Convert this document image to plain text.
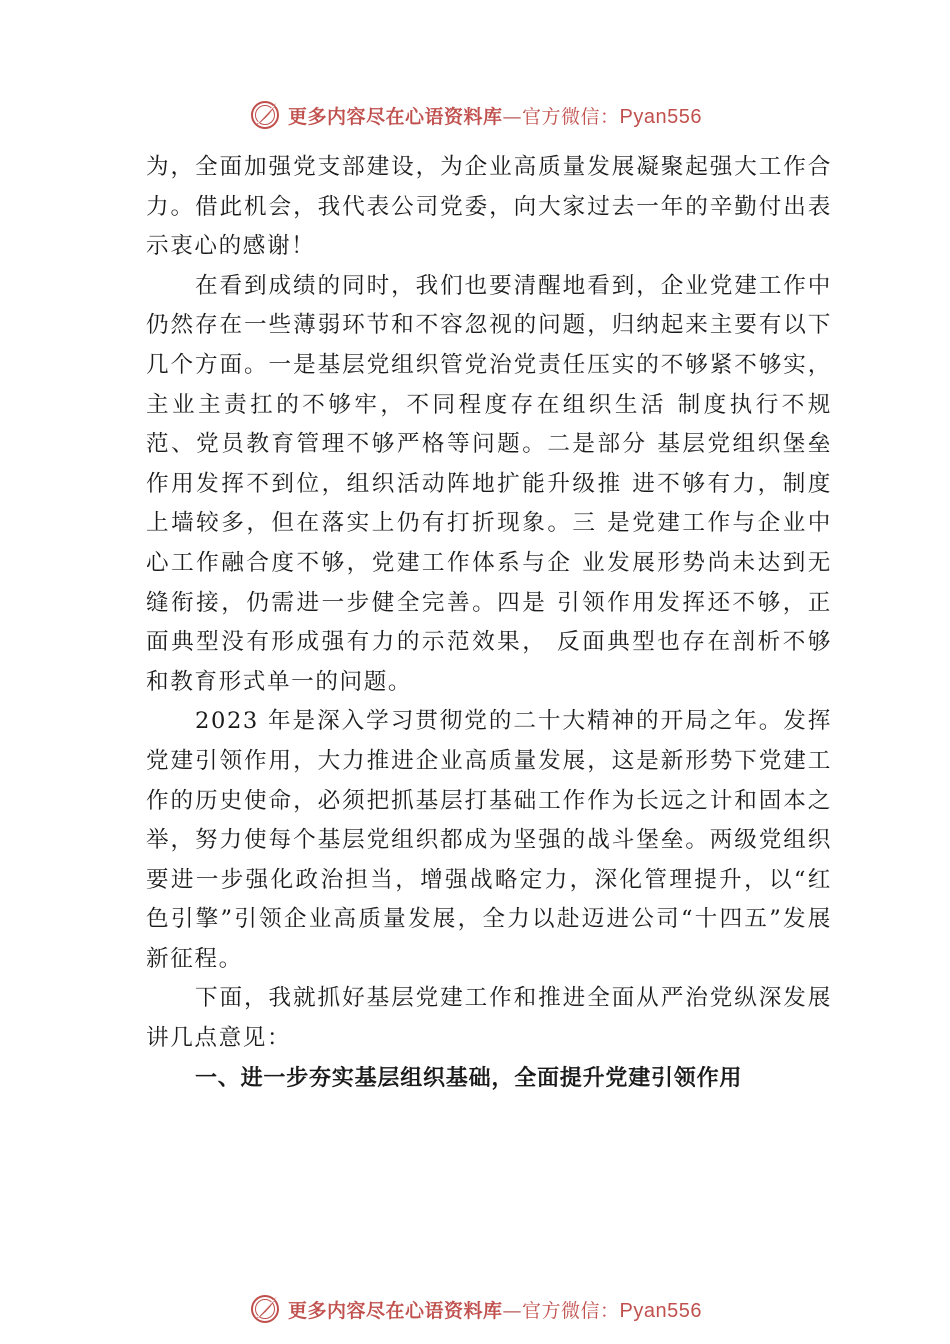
更多内容尽在心语资料库—官方微信：Pyan556

为，全面加强党支部建设，为企业高质量发展凝聚起强大工作合力。借此机会，我代表公司党委，向大家过去一年的辛勤付出表示衷心的感谢！

在看到成绩的同时，我们也要清醒地看到，企业党建工作中仍然存在一些薄弱环节和不容忽视的问题，归纳起来主要有以下几个方面。一是基层党组织管党治党责任压实的不够紧不够实，主业主责扛的不够牢，不同程度存在组织生活 制度执行不规范、党员教育管理不够严格等问题。二是部分 基层党组织堡垒作用发挥不到位，组织活动阵地扩能升级推 进不够有力，制度上墙较多，但在落实上仍有打折现象。三 是党建工作与企业中心工作融合度不够，党建工作体系与企 业发展形势尚未达到无缝衔接，仍需进一步健全完善。四是 引领作用发挥还不够，正面典型没有形成强有力的示范效果， 反面典型也存在剖析不够和教育形式单一的问题。

2023 年是深入学习贯彻党的二十大精神的开局之年。发挥党建引领作用，大力推进企业高质量发展，这是新形势下党建工作的历史使命，必须把抓基层打基础工作作为长远之计和固本之举，努力使每个基层党组织都成为坚强的战斗堡垒。两级党组织要进一步强化政治担当，增强战略定力，深化管理提升，以“红色引擎”引领企业高质量发展，全力以赴迈进公司“十四五”发展新征程。

下面，我就抓好基层党建工作和推进全面从严治党纵深发展讲几点意见：

一、进一步夯实基层组织基础，全面提升党建引领作用

更多内容尽在心语资料库—官方微信：Pyan556
